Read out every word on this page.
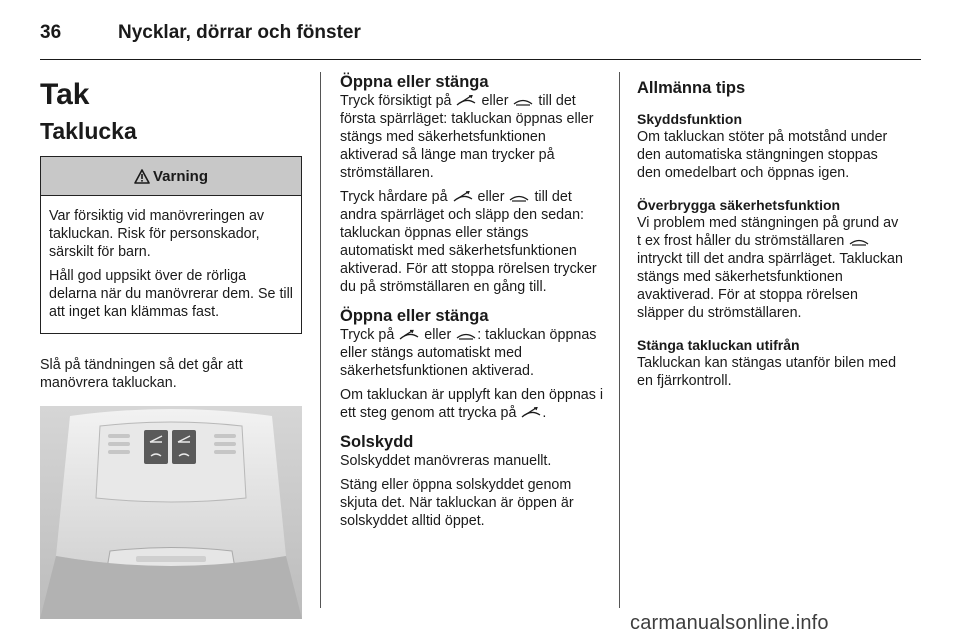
36	Nycklar, dörrar och fönster
Tak
Taklucka
Varning

Var försiktig vid manövreringen av takluckan. Risk för personskador, särskilt för barn.

Håll god uppsikt över de rörliga delarna när du manövrerar dem. Se till att inget kan klämmas fast.

Slå på tändningen så det går att manövrera takluckan.

Öppna eller stänga

Tryck försiktigt på
eller
till det första spärrläget: takluckan öppnas eller stängs med säkerhetsfunktionen aktiverad så länge man trycker på strömställaren.

Tryck hårdare på
eller
till det andra spärrläget och släpp den sedan: takluckan öppnas eller stängs automatiskt med säkerhetsfunktionen aktiverad. För att stoppa rörelsen trycker du på strömställaren en gång till.

Öppna eller stänga

Tryck på
eller
: takluckan öppnas eller stängs automatiskt med säkerhetsfunktionen aktiverad.

Om takluckan är upplyft kan den öppnas i ett steg genom att trycka på
.

Solskydd

Solskyddet manövreras manuellt.

Stäng eller öppna solskyddet genom skjuta det. När takluckan är öppen är solskyddet alltid öppet.

Allmänna tips
Skyddsfunktion

Om takluckan stöter på motstånd under den automatiska stängningen stoppas den omedelbart och öppnas igen.

Överbrygga säkerhetsfunktion

Vi problem med stängningen på grund av t ex frost håller du strömställaren
intryckt till det andra spärrläget. Takluckan stängs med säkerhetsfunktionen avaktiverad. För at stoppa rörelsen släpper du strömställaren.

Stänga takluckan utifrån

Takluckan kan stängas utanför bilen med en fjärrkontroll.

carmanualsonline.info
